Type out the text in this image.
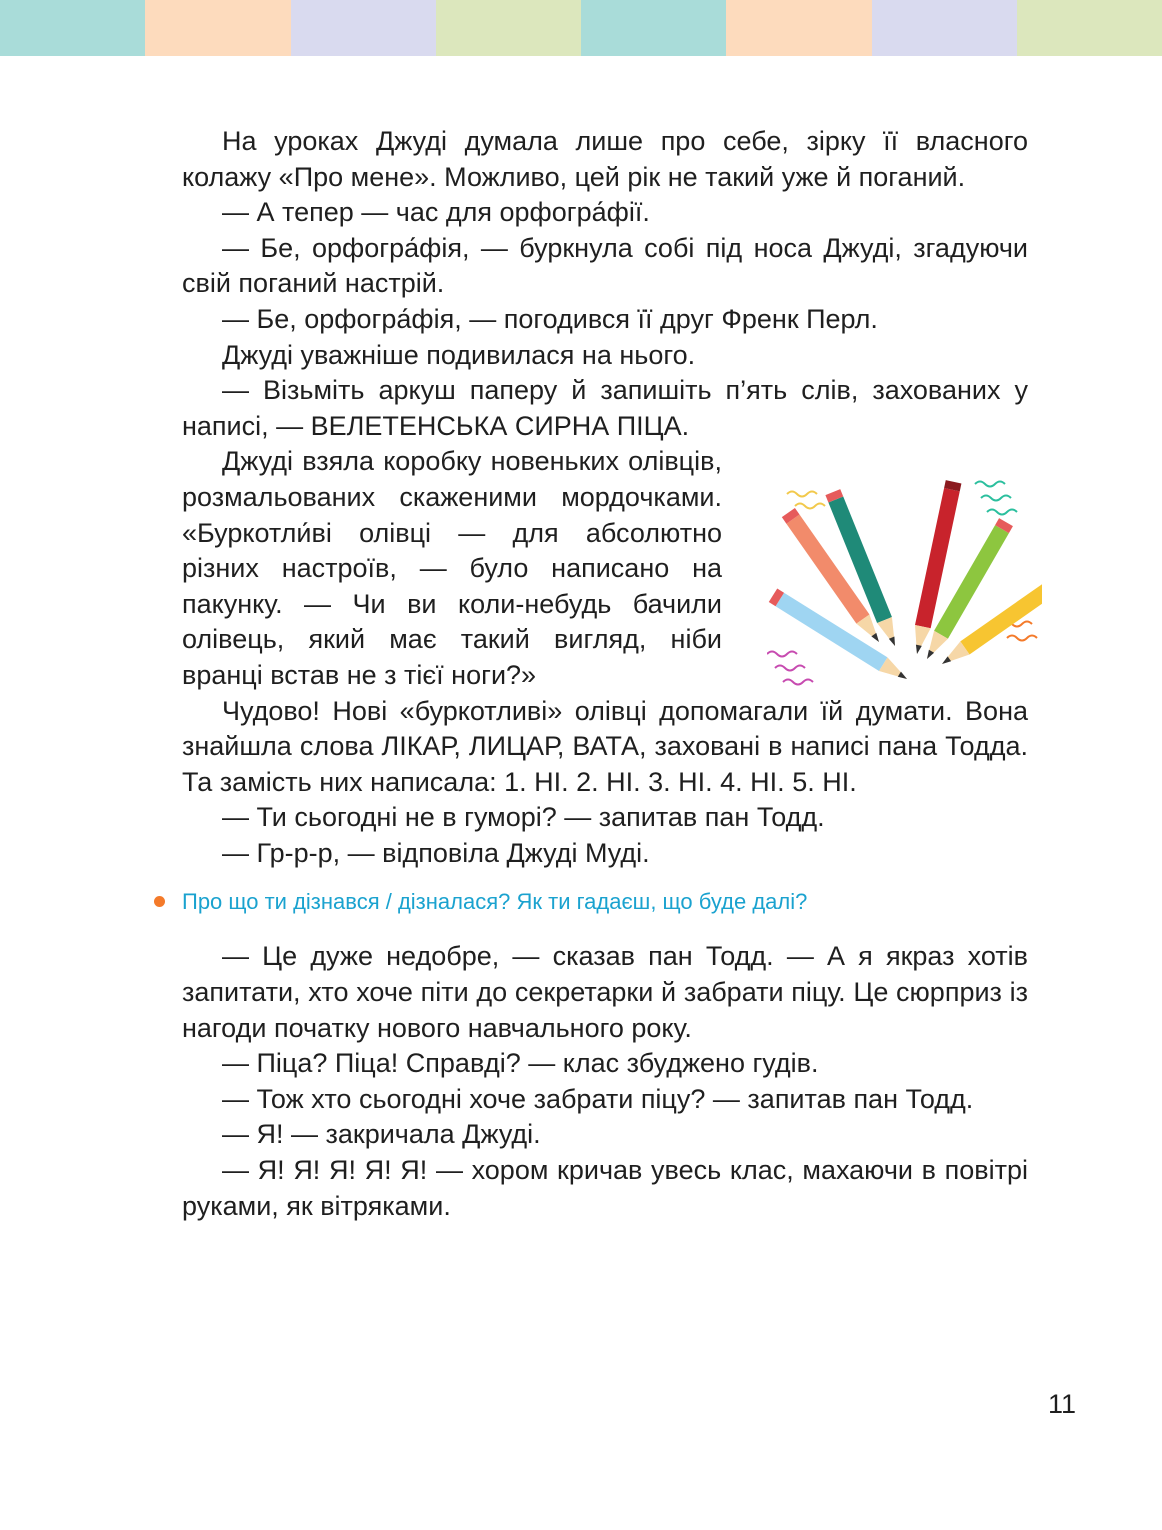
На уроках Джуді думала лише про себе, зірку її власного колажу «Про мене». Можливо, цей рік не такий уже й поганий.

— А тепер — час для орфогра́фії.

— Бе, орфогра́фія, — буркнула собі під носа Джуді, згадуючи свій поганий настрій.

— Бе, орфогра́фія, — погодився її друг Френк Перл.

Джуді уважніше подивилася на нього.

— Візьміть аркуш паперу й запишіть п’ять слів, захованих у написі, — ВЕЛЕТЕНСЬКА СИРНА ПІЦА.

Джуді взяла коробку новеньких олівців, розмальованих скаженими мордочками. «Буркотли́ві олівці — для абсолютно різних настроїв, — було написано на пакунку. — Чи ви коли-небудь бачили олівець, який має такий вигляд, ніби вранці встав не з тієї ноги?»

Чудово! Нові «буркотливі» олівці допомагали їй думати. Вона знайшла слова ЛІКАР, ЛИЦАР, ВАТА, заховані в написі пана Тодда. Та замість них написала: 1. НІ. 2. НІ. 3. НІ. 4. НІ. 5. НІ.

— Ти сьогодні не в гуморі? — запитав пан Тодд.

— Гр-р-р, — відповіла Джуді Муді.

Про що ти дізнався / дізналася? Як ти гадаєш, що буде далі?

— Це дуже недобре, — сказав пан Тодд. — А я якраз хотів запитати, хто хоче піти до секретарки й забрати піцу. Це сюрприз із нагоди початку нового навчального року.

— Піца? Піца! Справді? — клас збуджено гудів.

— Тож хто сьогодні хоче забрати піцу? — запитав пан Тодд.

— Я! — закричала Джуді.

— Я! Я! Я! Я! Я! — хором кричав увесь клас, махаючи в повітрі руками, як вітряками.

11
